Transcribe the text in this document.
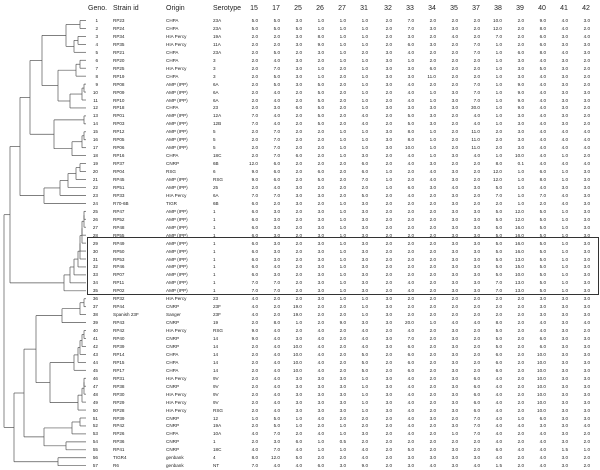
Geno. Strain id	Origin	Serotype	15	17	25	26	27	31	32	33	34	35	37	38	39	40	41	42
1	RP23	CHPA	23A	5.0	5.0	3.0	1.0	1.0	1.0	2.0	7.0	2.0	2.0	2.0	10.0	2.0	9.0	4.0	3.0
2	RP24	CHPA	23A	5.0	5.0	5.0	1.0	1.0	1.0	2.0	7.0	3.0	3.0	2.0	12.0	2.0	8.0	4.0	2.0
3	RP34	HIA Percy	19A	2.0	2.0	3.0	8.0	1.0	1.0	2.0	3.0	2.0	4.0	2.0	7.0	2.0	6.0	3.0	4.0
4	RP35	HIA Percy	11A	2.0	2.0	3.0	9.0	1.0	1.0	2.0	6.0	3.0	2.0	7.0	1.0	2.0	6.0	3.0	3.0
5	RP21	CHPA	23A	2.0	5.0	2.0	3.0	1.0	2.0	3.0	4.0	2.0	2.0	7.0	1.0	6.0	8.0	4.0	3.0
6	RP20	CHPA	3	2.0	4.0	3.0	2.0	1.0	1.0	3.0	1.0	2.0	2.0	2.0	1.0	3.0	4.0	3.0	2.0
7	RP25	HIA Percy	3	2.0	7.0	3.0	1.0	2.0	1.0	3.0	3.0	6.0	2.0	2.0	1.0	3.0	5.0	3.0	2.0
8	RP19	CHPA	3	2.0	5.0	3.0	1.0	2.0	1.0	3.0	3.0	11.0	2.0	2.0	1.0	3.0	4.0	3.0	2.0
9	RP08	AMP (IPP)	6A	2.0	5.0	3.0	5.0	2.0	1.0	3.0	4.0	2.0	2.0	7.0	1.0	9.0	4.0	3.0	2.0
10	RP09	AMP (IPP)	6A	2.0	4.0	2.0	5.0	2.0	1.0	2.0	4.0	1.0	3.0	7.0	1.0	9.0	4.0	3.0	3.0
11	RP10	AMP (IPP)	6A	2.0	4.0	2.0	5.0	2.0	1.0	2.0	4.0	1.0	3.0	7.0	1.0	9.0	4.0	3.0	3.0
12	RP18	CHPA	23	2.0	3.0	6.0	5.0	2.0	1.0	3.0	3.0	3.0	3.0	30.0	1.0	9.0	4.0	3.0	2.0
13	RP01	AMP (IPP)	12A	7.0	4.0	2.0	5.0	2.0	4.0	2.0	5.0	3.0	2.0	4.0	1.0	3.0	4.0	3.0	2.0
14	RP03	AMP (IPP)	12B	7.0	4.0	2.0	5.0	2.0	4.0	2.0	5.0	3.0	2.0	4.0	1.0	3.0	4.0	3.0	2.0
15	RP12	AMP (IPP)	5	2.0	7.0	2.0	2.0	1.0	1.0	3.0	8.0	1.0	2.0	11.0	2.0	3.0	4.0	4.0	4.0
16	RP05	AMP (IPP)	5	2.0	7.0	2.0	2.0	1.0	1.0	3.0	8.0	1.0	2.0	11.0	2.0	3.0	4.0	4.0	4.0
17	RP06	AMP (IPP)	5	2.0	7.0	2.0	2.0	1.0	1.0	3.0	10.0	1.0	2.0	11.0	2.0	3.0	4.0	4.0	4.0
18	RP16	CHPA	18C	2.0	7.0	6.0	2.0	1.0	3.0	2.0	4.0	1.0	3.0	4.0	1.0	10.0	4.0	1.0	2.0
19	RP37	CNRP	6B	12.0	6.0	2.0	2.0	2.0	6.0	2.0	4.0	3.0	2.0	2.0	8.0	0.1	4.0	4.0	4.0
20	RP04	RSG	6	9.0	6.0	2.0	6.0	2.0	6.0	1.0	2.0	4.0	3.0	2.0	12.0	1.0	6.0	1.0	3.0
21	RP45	AMP (IPP)	RSG	9.0	6.0	2.0	5.0	2.0	7.0	1.0	2.0	4.0	3.0	2.0	12.0	1.0	8.0	1.0	3.0
22	RP51	AMP (IPP)	25	2.0	4.0	3.0	2.0	2.0	2.0	1.0	6.0	3.0	4.0	3.0	5.0	1.0	4.0	3.0	3.0
23	RP33	HIA Percy	6A	7.0	7.0	3.0	3.0	2.0	5.0	2.0	4.0	2.0	3.0	2.0	7.0	1.0	7.0	4.0	3.0
24	R70-6B	TIGR	6B	6.0	2.0	3.0	2.0	1.0	3.0	2.0	2.0	2.0	3.0	2.0	2.0	1.0	2.0	4.0	3.0
25	RP47	AMP (IPP)	1	6.0	3.0	2.0	3.0	1.0	3.0	2.0	2.0	2.0	3.0	3.0	5.0	12.0	5.0	1.0	3.0
26	RP52	AMP (IPP)	1	6.0	3.0	2.0	3.0	1.0	3.0	2.0	2.0	2.0	3.0	3.0	5.0	12.0	5.0	1.0	3.0
27	RP48	AMP (IPP)	1	6.0	3.0	2.0	3.0	1.0	3.0	2.0	2.0	2.0	3.0	3.0	5.0	16.0	5.0	1.0	3.0
28	RP55	AMP (IPP)	1	6.0	3.0	2.0	3.0	1.0	3.0	2.0	2.0	2.0	3.0	3.0	5.0	16.0	5.0	1.0	3.0
29	RP49	AMP (IPP)	1	6.0	3.0	2.0	3.0	1.0	3.0	2.0	2.0	2.0	3.0	3.0	5.0	16.0	5.0	1.0	3.0
30	RP50	AMP (IPP)	1	6.0	3.0	2.0	3.0	1.0	3.0	2.0	2.0	2.0	3.0	3.0	5.0	16.0	5.0	1.0	3.0
31	RP53	AMP (IPP)	1	6.0	3.0	2.0	3.0	1.0	3.0	2.0	2.0	2.0	3.0	3.0	5.0	13.0	5.0	1.0	3.0
32	RP46	AMP (IPP)	1	6.0	4.0	2.0	3.0	1.0	3.0	2.0	2.0	2.0	3.0	3.0	5.0	15.0	5.0	1.0	3.0
33	RP07	AMP (IPP)	1	6.0	3.0	2.0	3.0	1.0	3.0	2.0	2.0	2.0	3.0	3.0	5.0	10.0	5.0	1.0	3.0
34	RP11	AMP (IPP)	1	7.0	7.0	2.0	3.0	1.0	3.0	2.0	4.0	2.0	3.0	3.0	7.0	13.0	5.0	1.0	3.0
35	RP02	AMP (IPP)	1	7.0	7.0	2.0	3.0	1.0	3.0	2.0	4.0	2.0	3.0	3.0	7.0	13.0	5.0	1.0	3.0
36	RP32	HIA Percy	23	4.0	2.0	2.0	3.0	1.0	1.0	3.0	2.0	2.0	2.0	2.0	2.0	2.0	3.0	3.0	3.0
37	RP44	CNRP	23F	4.0	2.0	19.0	2.0	2.0	1.0	3.0	2.0	2.0	2.0	2.0	2.0	2.0	3.0	3.0	3.0
38	Spanish 23F	Sanger	23F	4.0	2.0	19.0	2.0	2.0	1.0	3.0	2.0	2.0	2.0	2.0	2.0	2.0	3.0	3.0	3.0
39	RP43	CNRP	19	2.0	8.0	1.0	2.0	9.0	3.0	3.0	20.0	1.0	4.0	4.0	8.0	2.0	4.0	3.0	4.0
40	RP42	HIA Percy	RSG	9.0	4.0	2.0	4.0	2.0	4.0	2.0	4.0	2.0	3.0	2.0	5.0	2.0	4.0	3.0	2.0
41	RP40	CNRP	14	9.0	4.0	3.0	4.0	2.0	4.0	3.0	7.0	2.0	3.0	2.0	5.0	2.0	6.0	3.0	3.0
42	RP39	CNRP	14	2.0	4.0	10.0	4.0	2.0	4.0	3.0	6.0	2.0	3.0	2.0	5.0	2.0	6.0	3.0	3.0
43	RP14	CHPA	14	2.0	4.0	10.0	4.0	2.0	5.0	2.0	6.0	2.0	3.0	2.0	6.0	2.0	10.0	3.0	3.0
44	RP15	CHPA	14	2.0	4.0	10.0	4.0	2.0	5.0	2.0	6.0	2.0	3.0	2.0	6.0	2.0	10.0	3.0	3.0
45	RP17	CHPA	14	2.0	4.0	10.0	4.0	2.0	5.0	2.0	6.0	2.0	3.0	2.0	6.0	2.0	10.0	3.0	3.0
46	RP31	HIA Percy	9V	2.0	4.0	3.0	3.0	3.0	1.0	3.0	4.0	2.0	3.0	6.0	4.0	2.0	10.0	3.0	3.0
47	RP38	CNRP	9V	2.0	4.0	3.0	3.0	3.0	1.0	3.0	4.0	2.0	3.0	6.0	4.0	2.0	10.0	3.0	3.0
48	RP30	HIA Percy	9V	2.0	4.0	3.0	3.0	3.0	1.0	3.0	4.0	2.0	3.0	6.0	4.0	2.0	10.0	3.0	3.0
49	RP29	HIA Percy	9V	2.0	4.0	3.0	3.0	3.0	1.0	3.0	4.0	2.0	3.0	6.0	4.0	2.0	10.0	3.0	3.0
50	RP28	HIA Percy	RSG	2.0	4.0	3.0	3.0	3.0	1.0	3.0	4.0	2.0	3.0	6.0	4.0	2.0	10.0	3.0	3.0
51	RP39	CNRP	12	1.0	5.0	1.0	4.0	2.0	2.0	2.0	4.0	3.0	2.0	7.0	4.0	1.0	6.0	3.0	3.0
52	RP42	CNRP	19A	2.0	5.0	1.0	2.0	1.0	2.0	2.0	4.0	2.0	3.0	7.0	4.0	4.0	3.0	3.0	4.0
53	RP26	CHPA	10A	4.0	7.0	2.0	4.0	1.0	3.0	2.0	4.0	2.0	1.0	7.0	4.0	2.0	4.0	3.0	2.0
54	RP36	CNRP	1	2.0	3.0	6.0	1.0	0.5	2.0	2.0	2.0	2.0	2.0	2.0	4.0	2.0	4.0	3.0	2.0
55	RP41	CNRP	18C	4.0	7.0	4.0	1.0	1.0	4.0	2.0	5.0	2.0	3.0	2.0	6.0	4.0	4.0	1.5	1.0
56	TIGR4	genbank	4	8.0	12.0	5.0	2.0	2.0	4.0	2.0	3.0	3.0	3.0	3.0	4.0	2.0	4.0	3.0	2.0
57	R6	genbank	NT	7.0	4.0	4.0	6.0	3.0	9.0	2.0	3.0	4.0	3.0	4.0	1.5	2.0	4.0	3.0	2.0
